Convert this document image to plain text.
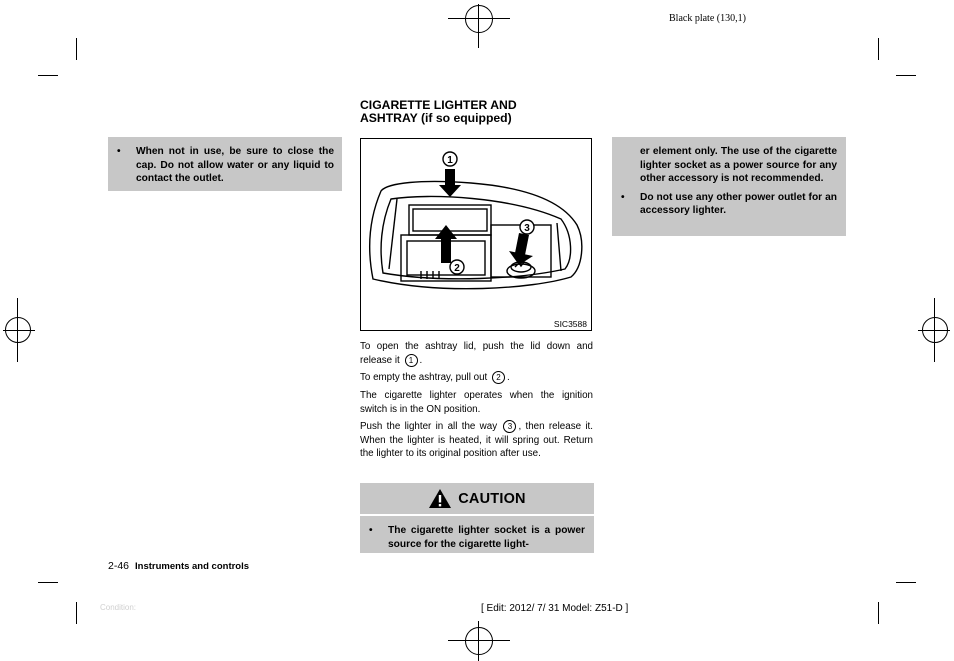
Black plate (130,1)
• When not in use, be sure to close the cap. Do not allow water or any liquid to contact the outlet.
CIGARETTE LIGHTER AND
ASHTRAY (if so equipped)
1
2
3
SIC3588
To open the ashtray lid, push the lid down and release it 1 .
To empty the ashtray, pull out 2 .
The cigarette lighter operates when the ignition switch is in the ON position.
Push the lighter in all the way 3 , then release it. When the lighter is heated, it will spring out. Return the lighter to its original position after use.
CAUTION
• The cigarette lighter socket is a power source for the cigarette light-
er element only. The use of the cigarette lighter socket as a power source for any other accessory is not recommended.
• Do not use any other power outlet for an accessory lighter.
2-46 Instruments and controls
Condition:	[ Edit: 2012/ 7/ 31 Model: Z51-D ]
